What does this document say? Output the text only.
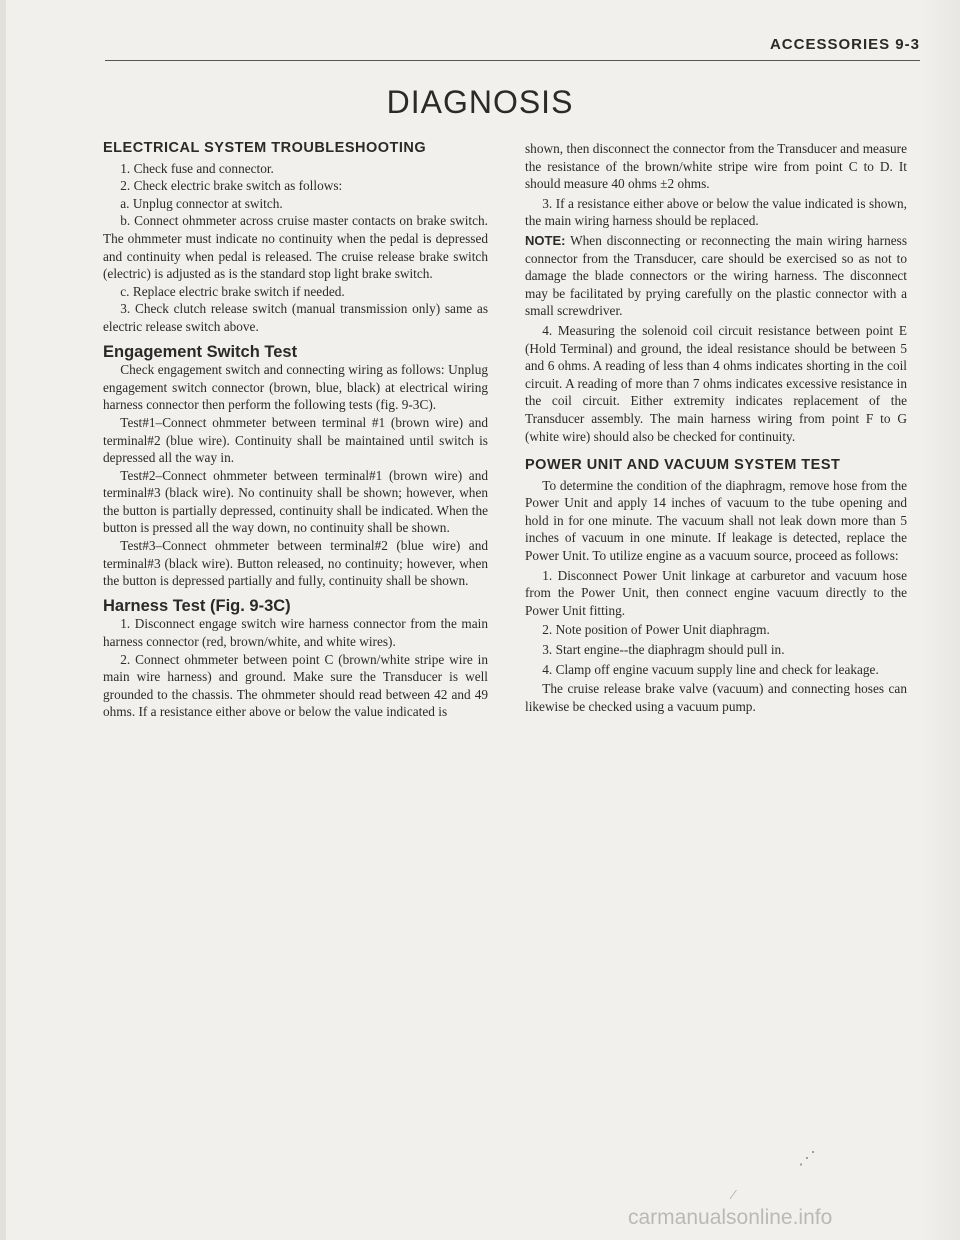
ACCESSORIES 9-3
DIAGNOSIS
ELECTRICAL SYSTEM TROUBLESHOOTING

1. Check fuse and connector.

2. Check electric brake switch as follows:

a. Unplug connector at switch.

b. Connect ohmmeter across cruise master contacts on brake switch. The ohmmeter must indicate no continuity when the pedal is depressed and continuity when pedal is released. The cruise release brake switch (electric) is adjusted as is the standard stop light brake switch.

c. Replace electric brake switch if needed.

3. Check clutch release switch (manual transmission only) same as electric release switch above.

Engagement Switch Test

Check engagement switch and connecting wiring as follows: Unplug engagement switch connector (brown, blue, black) at electrical wiring harness connector then perform the following tests (fig. 9-3C).

Test#1–Connect ohmmeter between terminal #1 (brown wire) and terminal#2 (blue wire). Continuity shall be maintained until switch is depressed all the way in.

Test#2–Connect ohmmeter between terminal#1 (brown wire) and terminal#3 (black wire). No continuity shall be shown; however, when the button is partially depressed, continuity shall be indicated. When the button is pressed all the way down, no continuity shall be shown.

Test#3–Connect ohmmeter between terminal#2 (blue wire) and terminal#3 (black wire). Button released, no continuity; however, when the button is depressed partially and fully, continuity shall be shown.

Harness Test (Fig. 9-3C)

1. Disconnect engage switch wire harness connector from the main harness connector (red, brown/white, and white wires).

2. Connect ohmmeter between point C (brown/white stripe wire in main wire harness) and ground. Make sure the Transducer is well grounded to the chassis. The ohmmeter should read between 42 and 49 ohms. If a resistance either above or below the value indicated is

shown, then disconnect the connector from the Transducer and measure the resistance of the brown/white stripe wire from point C to D. It should measure 40 ohms ±2 ohms.

3. If a resistance either above or below the value indicated is shown, the main wiring harness should be replaced.

NOTE: When disconnecting or reconnecting the main wiring harness connector from the Transducer, care should be exercised so as not to damage the blade connectors or the wiring harness. The disconnect may be facilitated by prying carefully on the plastic connector with a small screwdriver.

4. Measuring the solenoid coil circuit resistance between point E (Hold Terminal) and ground, the ideal resistance should be between 5 and 6 ohms. A reading of less than 4 ohms indicates shorting in the coil circuit. A reading of more than 7 ohms indicates excessive resistance in the coil circuit. Either extremity indicates replacement of the Transducer assembly. The main harness wiring from point F to G (white wire) should also be checked for continuity.

POWER UNIT AND VACUUM SYSTEM TEST

To determine the condition of the diaphragm, remove hose from the Power Unit and apply 14 inches of vacuum to the tube opening and hold in for one minute. The vacuum shall not leak down more than 5 inches of vacuum in one minute. If leakage is detected, replace the Power Unit. To utilize engine as a vacuum source, proceed as follows:

1. Disconnect Power Unit linkage at carburetor and vacuum hose from the Power Unit, then connect engine vacuum directly to the Power Unit fitting.

2. Note position of Power Unit diaphragm.

3. Start engine--the diaphragm should pull in.

4. Clamp off engine vacuum supply line and check for leakage.

The cruise release brake valve (vacuum) and connecting hoses can likewise be checked using a vacuum pump.

⋰
⁄
carmanualsonline.info
